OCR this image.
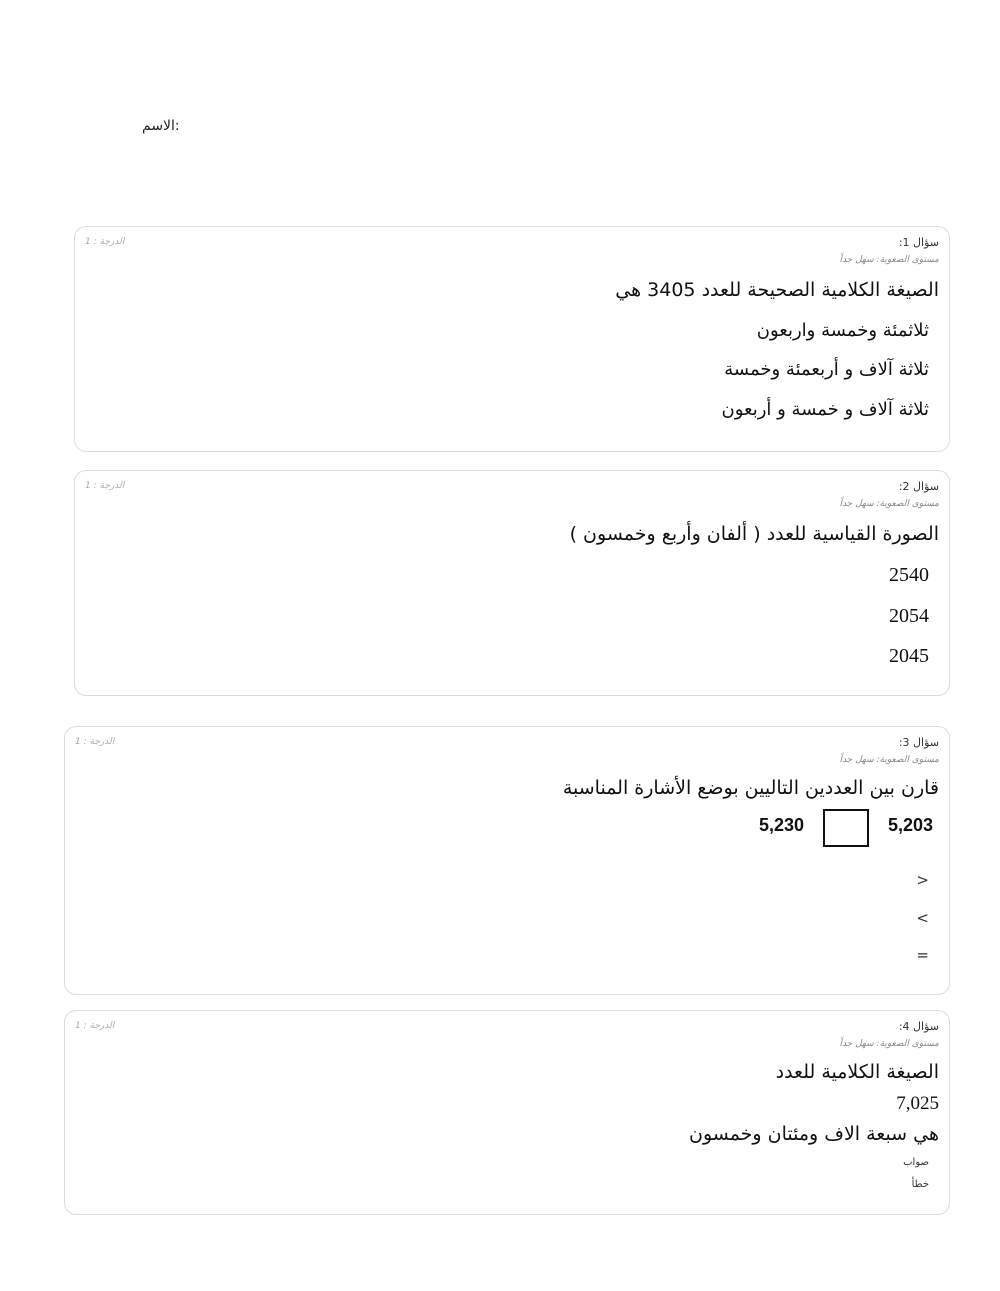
الاسم:
سؤال 1:
مستوى الصعوبة: سهل جداً
الدرجة : 1
الصيغة الكلامية الصحيحة للعدد 3405 هي
ثلاثمئة وخمسة واربعون
ثلاثة آلاف و أربعمئة وخمسة
ثلاثة آلاف و خمسة و أربعون
سؤال 2:
مستوى الصعوبة: سهل جداً
الدرجة : 1
الصورة القياسية للعدد ( ألفان وأربع وخمسون )
2540
2054
2045
سؤال 3:
مستوى الصعوبة: سهل جداً
الدرجة : 1
قارن بين العددين التاليين بوضع الأشارة المناسبة
5,203
5,230
>
<
=
سؤال 4:
مستوى الصعوبة: سهل جداً
الدرجة : 1
الصيغة الكلامية للعدد
7,025
هي سبعة الاف ومئتان وخمسون
صواب
خطأ
